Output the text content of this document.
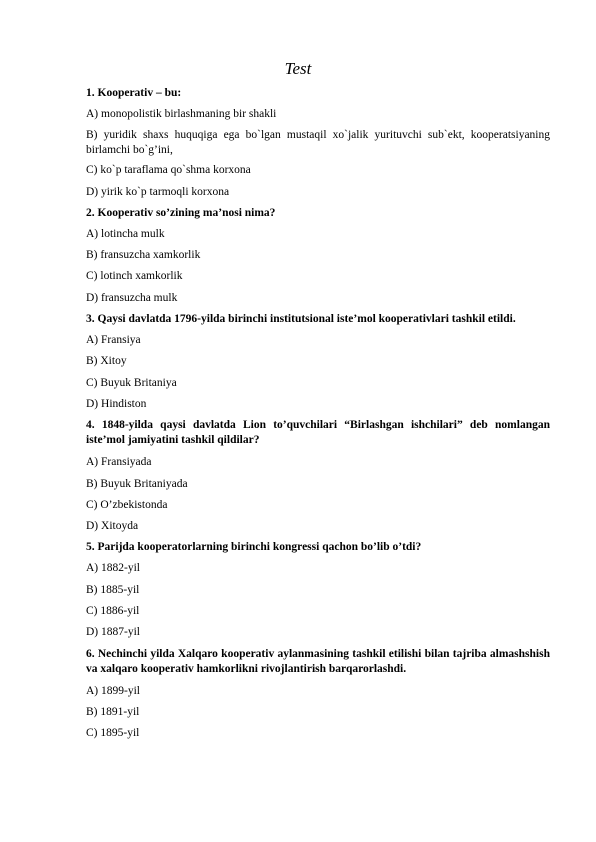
Test

1. Kooperativ – bu:

A) monopolistik birlashmaning bir shakli

B) yuridik shaxs huquqiga ega bo`lgan mustaqil xo`jalik yurituvchi sub`ekt, kooperatsiyaning birlamchi bo`g’ini,

C) ko`p taraflama qo`shma korxona

D) yirik ko`p tarmoqli korxona

2. Kooperativ so’zining ma’nosi nima?

A) lotincha mulk

B) fransuzcha xamkorlik

C) lotinch xamkorlik

D) fransuzcha mulk

3. Qaysi davlatda 1796-yilda birinchi institutsional iste’mol kooperativlari tashkil etildi.

A) Fransiya

B) Xitoy

C) Buyuk Britaniya

D) Hindiston

4. 1848-yilda qaysi davlatda Lion to’quvchilari “Birlashgan ishchilari” deb nomlangan iste’mol jamiyatini tashkil qildilar?

A) Fransiyada

B) Buyuk Britaniyada

C) O’zbekistonda

D) Xitoyda

5. Parijda kooperatorlarning birinchi kongressi qachon bo’lib o’tdi?

A) 1882-yil

B) 1885-yil

C) 1886-yil

D) 1887-yil

6. Nechinchi yilda Xalqaro kooperativ aylanmasining tashkil etilishi bilan tajriba almashshish va xalqaro kooperativ hamkorlikni rivojlantirish barqarorlashdi.

A) 1899-yil

B) 1891-yil

C) 1895-yil
